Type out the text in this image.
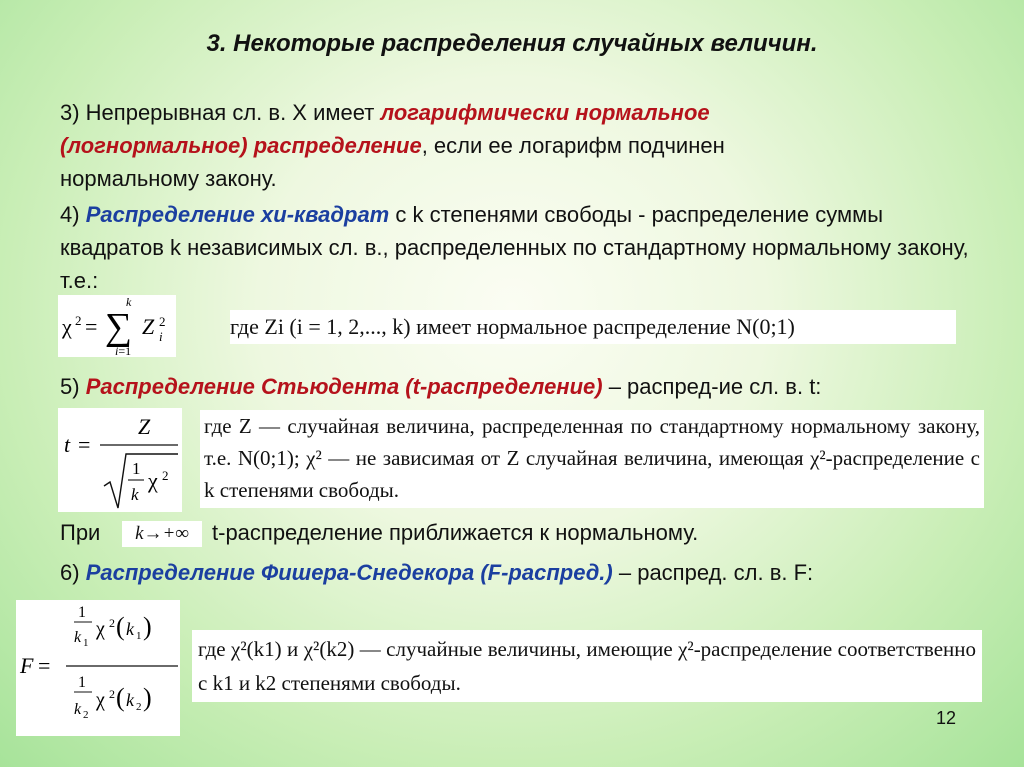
3. Некоторые распределения случайных величин.
3) Непрерывная сл. в. Х имеет логарифмически нормальное (логнормальное) распределение, если ее логарифм подчинен нормальному закону.
4) Распределение хи-квадрат с k степенями свободы - распределение суммы квадратов k независимых сл. в., распределенных по стандартному нормальному закону, т.е.:
χ 2 = ∑
k
i=1
Z 2
i	где Zi (i = 1, 2,..., k) имеет нормальное распределение N(0;1)
5) Распределение Стьюдента (t-распределение) – распред-ие сл. в. t:
t =
Z
1
k
χ 2
где Z — случайная величина, распределенная по стандартному нормальному закону, т.е. N(0;1); χ² — не зависимая от Z случайная величина, имеющая χ²-распределение с k степенями свободы.
При	k→+∞	t-распределение приближается к нормальному.
6) Распределение Фишера-Снедекора (F-распред.) – распред. сл. в. F:
F =
1
k 1
χ 2 ( k 1 )
1
k 2
χ 2 ( k 2 )
где χ²(k1) и χ²(k2) — случайные величины, имеющие χ²-распределение соответственно с k1 и k2 степенями свободы.
12
